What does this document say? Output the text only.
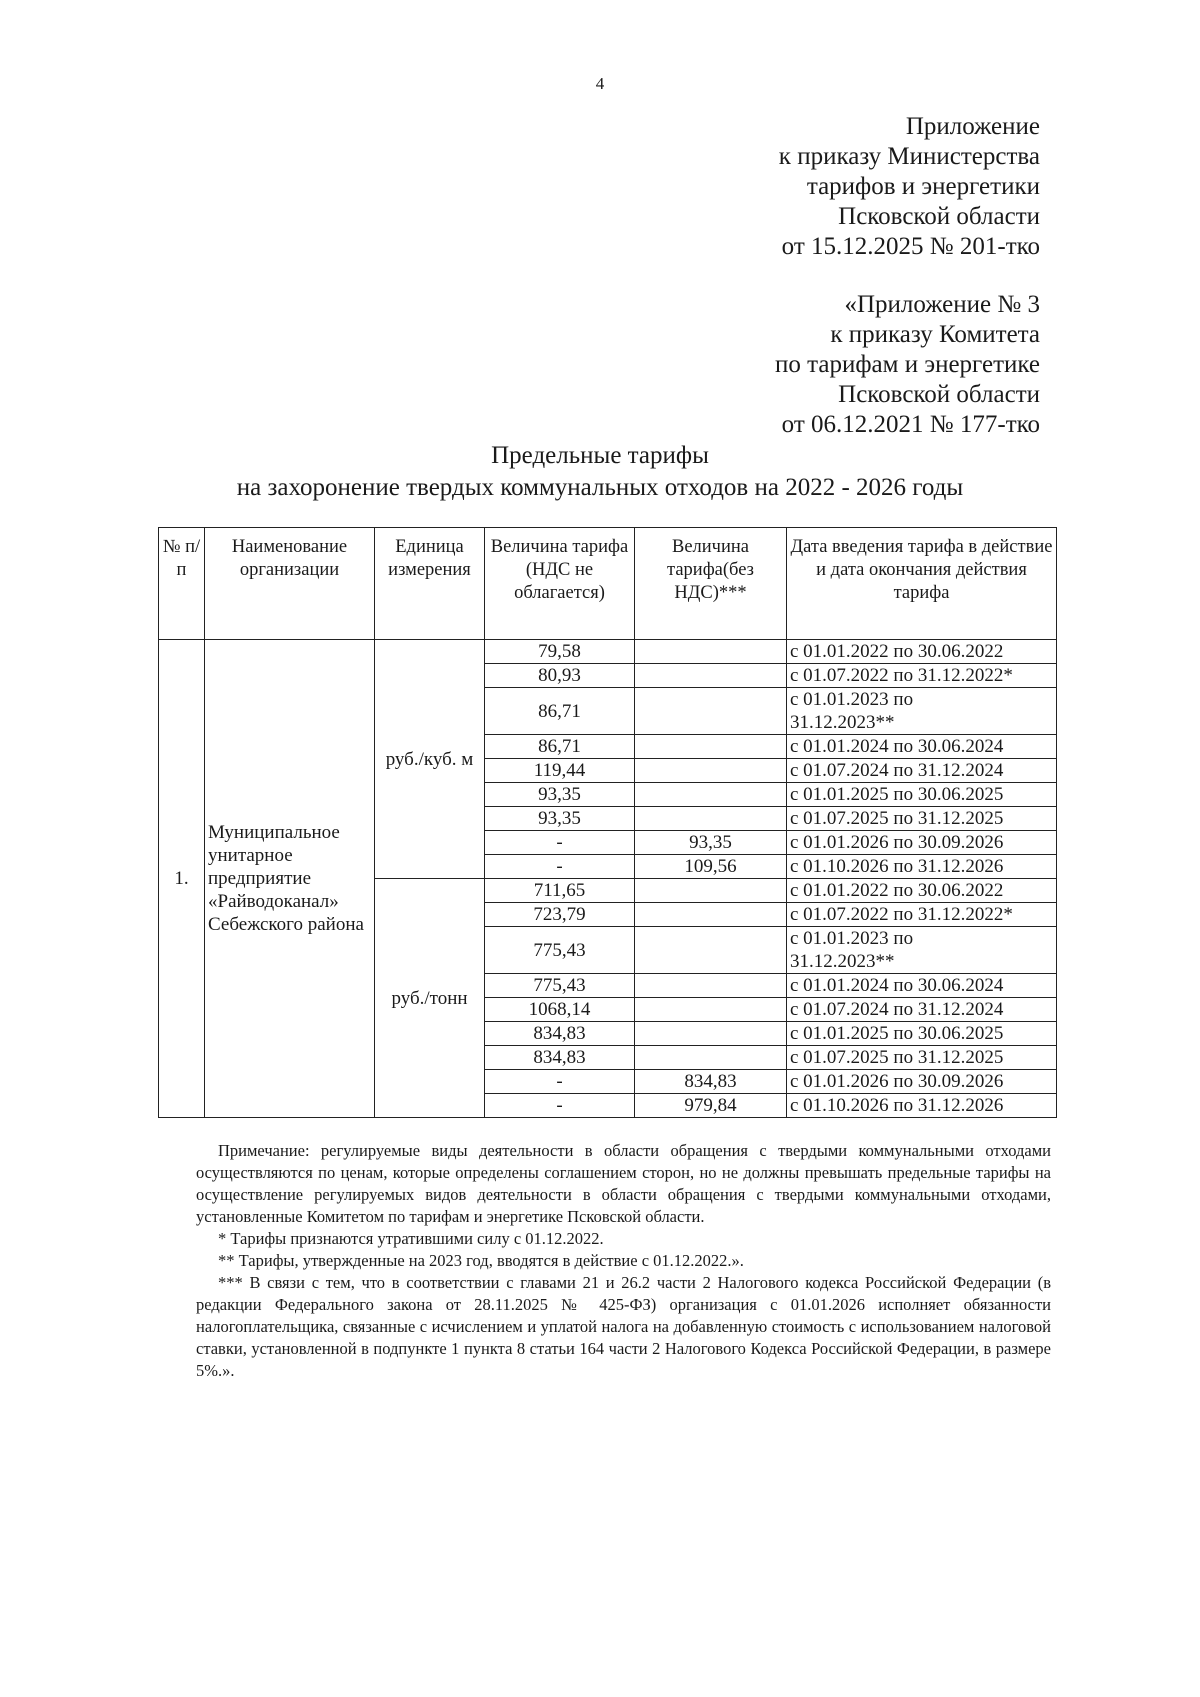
4
Приложение
к приказу Министерства
тарифов и энергетики
Псковской области
от 15.12.2025 № 201-тко
«Приложение № 3
к приказу Комитета
по тарифам и энергетике
Псковской области
от 06.12.2021 № 177-тко
Предельные тарифы
на захоронение твердых коммунальных отходов на 2022 - 2026 годы
№ п/п	Наименование организации	Единица измерения	Величина тарифа (НДС не облагается)	Величина тарифа(без НДС)***	Дата введения тарифа в действие и дата окончания действия тарифа
1.	Муниципальное унитарное предприятие «Райводоканал» Себежского района	руб./куб. м	79,58		с 01.01.2022 по 30.06.2022
			80,93		с 01.07.2022 по 31.12.2022*
			86,71		с 01.01.2023 по
31.12.2023**
			86,71		с 01.01.2024 по 30.06.2024
			119,44		с 01.07.2024 по 31.12.2024
			93,35		с 01.01.2025 по 30.06.2025
			93,35		с 01.07.2025 по 31.12.2025
			-	93,35	с 01.01.2026 по 30.09.2026
			-	109,56	с 01.10.2026 по 31.12.2026
		руб./тонн	711,65		с 01.01.2022 по 30.06.2022
			723,79		с 01.07.2022 по 31.12.2022*
			775,43		с 01.01.2023 по
31.12.2023**
			775,43		с 01.01.2024 по 30.06.2024
			1068,14		с 01.07.2024 по 31.12.2024
			834,83		с 01.01.2025 по 30.06.2025
			834,83		с 01.07.2025 по 31.12.2025
			-	834,83	с 01.01.2026 по 30.09.2026
			-	979,84	с 01.10.2026 по 31.12.2026

Примечание: регулируемые виды деятельности в области обращения с твердыми коммунальными отходами осуществляются по ценам, которые определены соглашением сторон, но не должны превышать предельные тарифы на осуществление регулируемых видов деятельности в области обращения с твердыми коммунальными отходами, установленные Комитетом по тарифам и энергетике Псковской области.

* Тарифы признаются утратившими силу с 01.12.2022.

** Тарифы, утвержденные на 2023 год, вводятся в действие с 01.12.2022.».

*** В связи с тем, что в соответствии с главами 21 и 26.2 части 2 Налогового кодекса Российской Федерации (в редакции Федерального закона от 28.11.2025 № 425-ФЗ) организация с 01.01.2026 исполняет обязанности налогоплательщика, связанные с исчислением и уплатой налога на добавленную стоимость с использованием налоговой ставки, установленной в подпункте 1 пункта 8 статьи 164 части 2 Налогового Кодекса Российской Федерации, в размере 5%.».
